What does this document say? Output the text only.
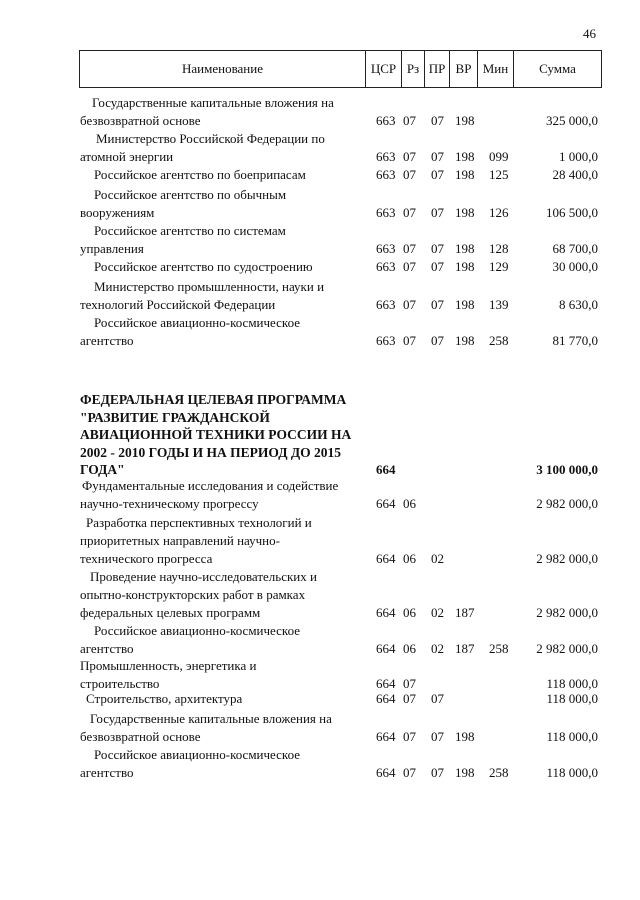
46
Наименование	ЦСР Рз ПР ВР Мин	Сумма
Государственные капитальные вложения на
безвозвратной основе	663 07 07 198	325 000,0
Министерство Российской Федерации по
атомной энергии	663 07 07 198 099	1 000,0
Российское агентство по боеприпасам	663 07 07 198 125	28 400,0
Российское агентство по обычным
вооружениям	663 07 07 198 126	106 500,0
Российское агентство по системам
управления	663 07 07 198 128	68 700,0
Российское агентство по судостроению	663 07 07 198 129	30 000,0
Министерство промышленности, науки и
технологий Российской Федерации	663 07 07 198 139	8 630,0
Российское авиационно-космическое
агентство	663 07 07 198 258	81 770,0
ФЕДЕРАЛЬНАЯ ЦЕЛЕВАЯ ПРОГРАММА
"РАЗВИТИЕ ГРАЖДАНСКОЙ
АВИАЦИОННОЙ ТЕХНИКИ РОССИИ НА
2002 - 2010 ГОДЫ И НА ПЕРИОД ДО 2015
ГОДА"	664	3 100 000,0
Фундаментальные исследования и содействие
научно-техническому прогрессу	664 06	2 982 000,0
Разработка перспективных технологий и
приоритетных направлений научно-
технического прогресса	664 06 02	2 982 000,0
Проведение научно-исследовательских и
опытно-конструкторских работ в рамках
федеральных целевых программ	664 06 02 187	2 982 000,0
Российское авиационно-космическое
агентство	664 06 02 187 258	2 982 000,0
Промышленность, энергетика и
строительство	664 07	118 000,0
Строительство, архитектура	664 07 07	118 000,0
Государственные капитальные вложения на
безвозвратной основе	664 07 07 198	118 000,0
Российское авиационно-космическое
агентство	664 07 07 198 258	118 000,0
